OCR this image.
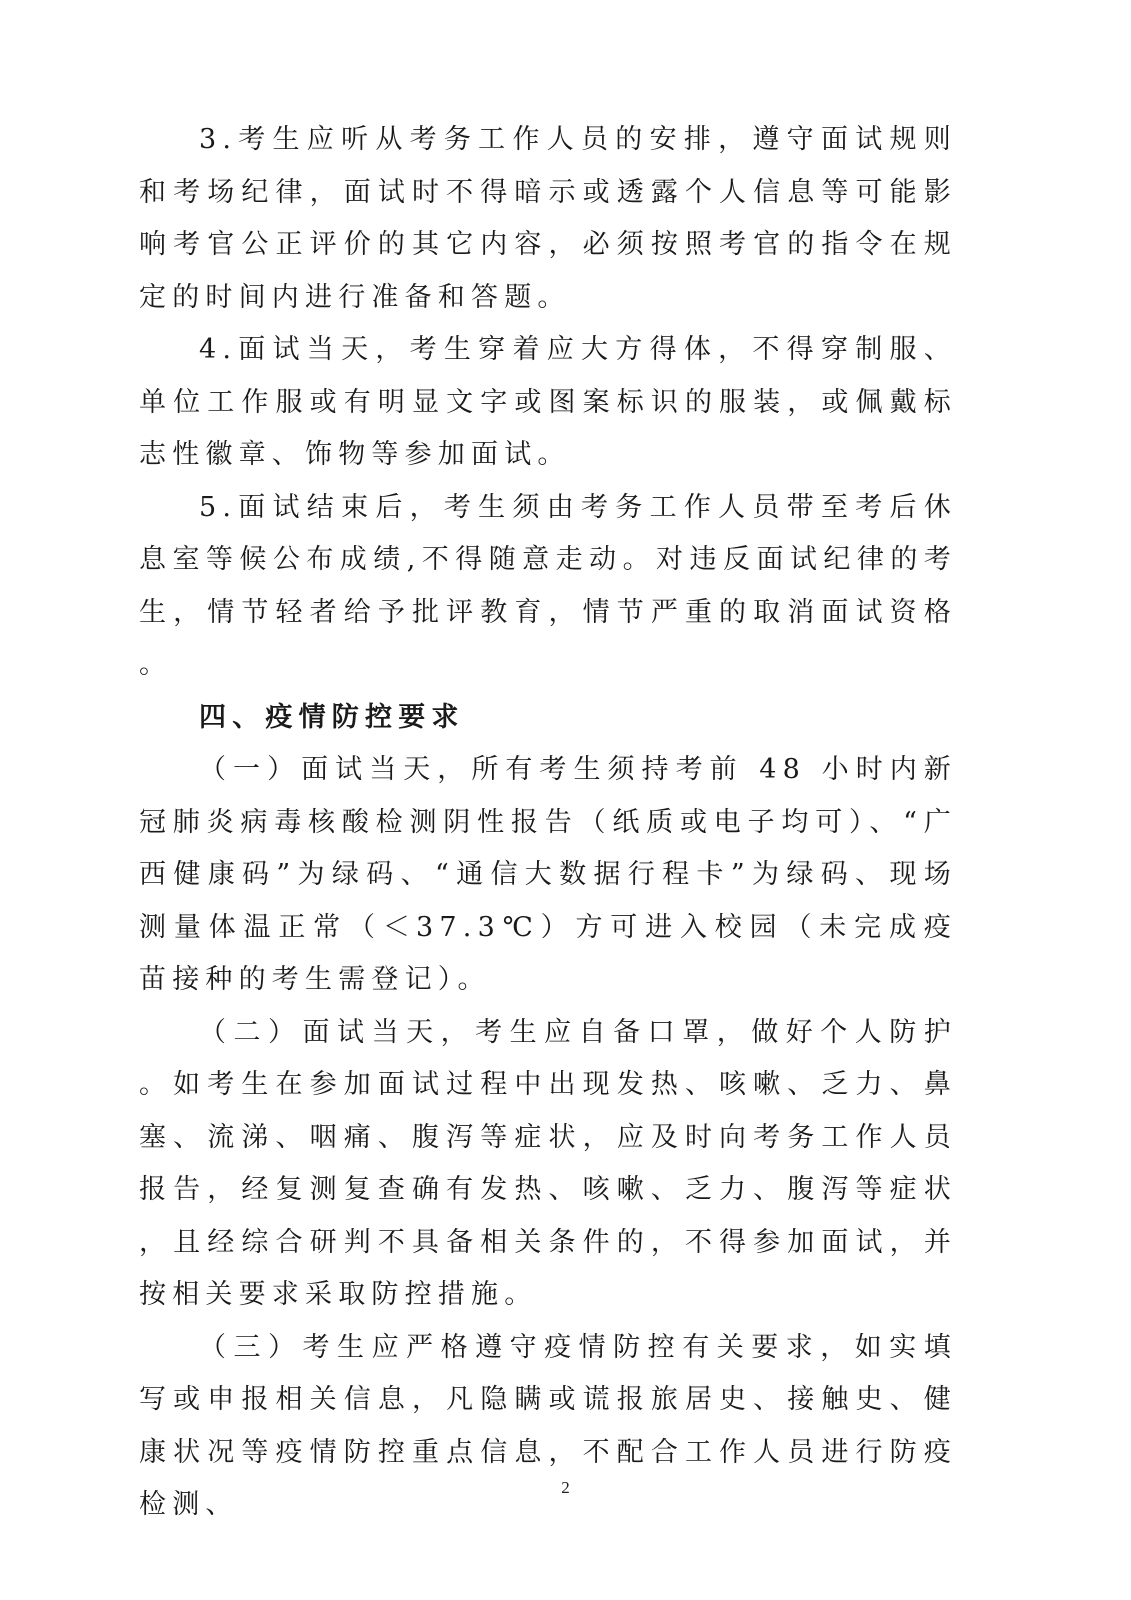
3.考生应听从考务工作人员的安排，遵守面试规则和考场纪律，面试时不得暗示或透露个人信息等可能影响考官公正评价的其它内容，必须按照考官的指令在规定的时间内进行准备和答题。

4.面试当天，考生穿着应大方得体，不得穿制服、单位工作服或有明显文字或图案标识的服装，或佩戴标志性徽章、饰物等参加面试。

5.面试结束后，考生须由考务工作人员带至考后休息室等候公布成绩,不得随意走动。对违反面试纪律的考生，情节轻者给予批评教育，情节严重的取消面试资格。

四、疫情防控要求

（一）面试当天，所有考生须持考前 48 小时内新冠肺炎病毒核酸检测阴性报告（纸质或电子均可）、“广西健康码”为绿码、“通信大数据行程卡”为绿码、现场测量体温正常（＜37.3℃）方可进入校园（未完成疫苗接种的考生需登记）。

（二）面试当天，考生应自备口罩，做好个人防护。如考生在参加面试过程中出现发热、咳嗽、乏力、鼻塞、流涕、咽痛、腹泻等症状，应及时向考务工作人员报告，经复测复查确有发热、咳嗽、乏力、腹泻等症状，且经综合研判不具备相关条件的，不得参加面试，并按相关要求采取防控措施。

（三）考生应严格遵守疫情防控有关要求，如实填写或申报相关信息，凡隐瞒或谎报旅居史、接触史、健康状况等疫情防控重点信息，不配合工作人员进行防疫检测、

2
